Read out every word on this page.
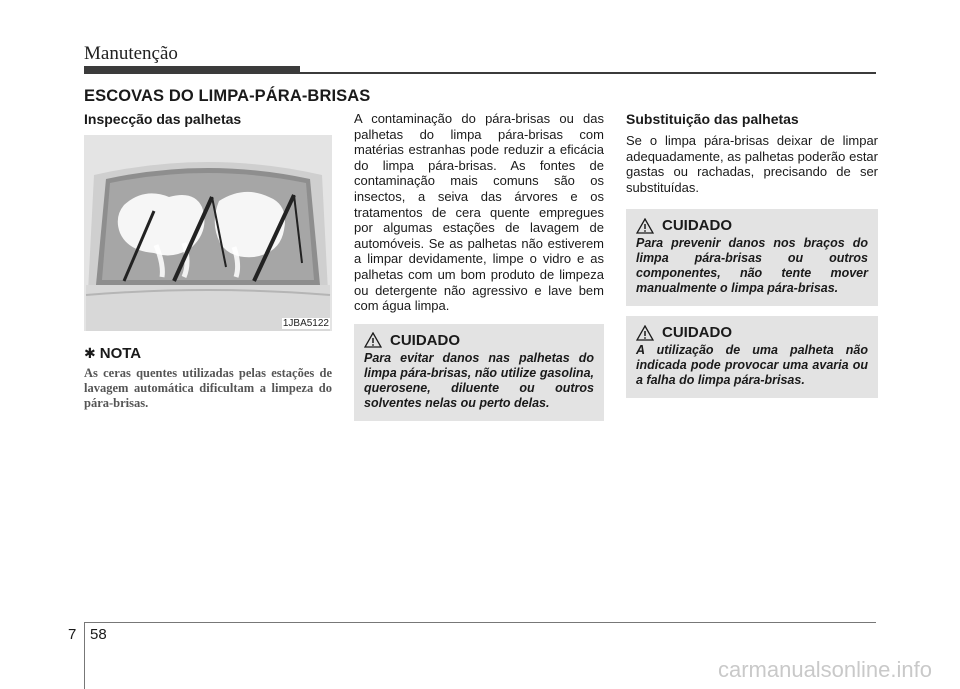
Manutenção
ESCOVAS DO LIMPA-PÁRA-BRISAS
Inspecção das palhetas
1JBA5122
✱ NOTA

As ceras quentes utilizadas pelas estações de lavagem automática dificultam a limpeza do pára-brisas.

A contaminação do pára-brisas ou das palhetas do limpa pára-brisas com matérias estranhas pode reduzir a eficácia do limpa pára-brisas. As fontes de contaminação mais comuns são os insectos, a seiva das árvores e os tratamentos de cera quente empregues por algumas estações de lavagem de automóveis. Se as palhetas não estiverem a limpar devidamente, limpe o vidro e as palhetas com um bom produto de limpeza ou detergente não agressivo e lave bem com água limpa.

CUIDADO

Para evitar danos nas palhetas do limpa pára-brisas, não utilize gasolina, querosene, diluente ou outros solventes nelas ou perto delas.

Substituição das palhetas

Se o limpa pára-brisas deixar de limpar adequadamente, as palhetas poderão estar gastas ou rachadas, precisando de ser substituídas.

CUIDADO

Para prevenir danos nos braços do limpa pára-brisas ou outros componentes, não tente mover manualmente o limpa pára-brisas.

CUIDADO

A utilização de uma palheta não indicada pode provocar uma avaria ou a falha do limpa pára-brisas.

7 58
carmanualsonline.info
